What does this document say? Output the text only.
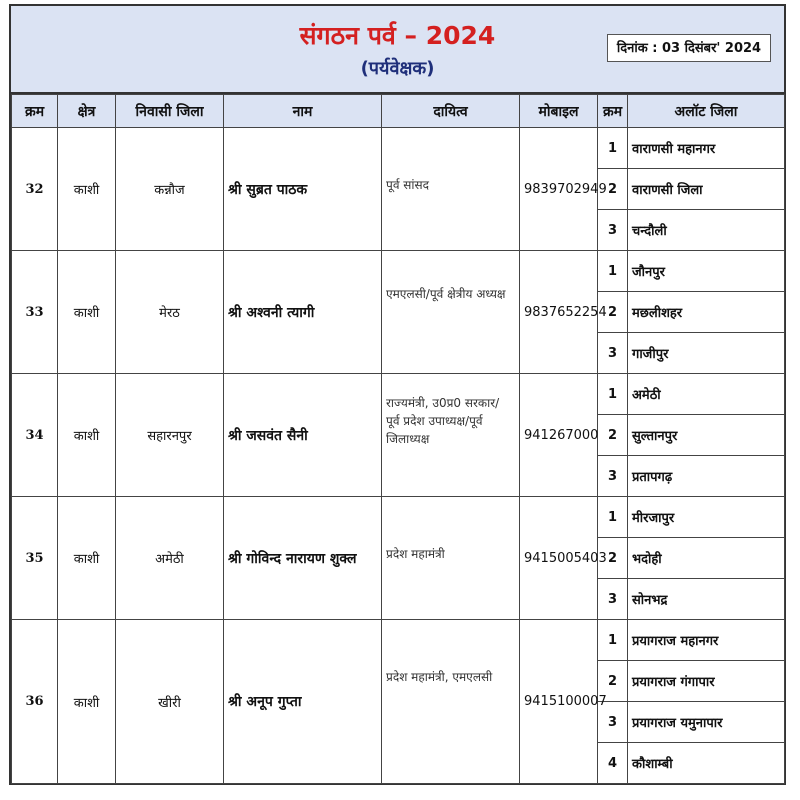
संगठन पर्व – 2024
(पर्यवेक्षक)
दिनांक : 03 दिसंबर' 2024
क्रम	क्षेत्र	निवासी जिला	नाम	दायित्व	मोबाइल	क्रम	अलॉट जिला
32	काशी	कन्नौज	श्री सुब्रत पाठक	पूर्व सांसद	9839702949	1	वाराणसी महानगर
						2	वाराणसी जिला
						3	चन्दौली
33	काशी	मेरठ	श्री अश्वनी त्यागी	एमएलसी/पूर्व क्षेत्रीय अध्यक्ष	9837652254	1	जौनपुर
						2	मछलीशहर
						3	गाजीपुर
34	काशी	सहारनपुर	श्री जसवंत सैनी	राज्यमंत्री, उ0प्र0 सरकार/ पूर्व प्रदेश उपाध्यक्ष/पूर्व जिलाध्यक्ष	941267000	1	अमेठी
						2	सुल्तानपुर
						3	प्रतापगढ़
35	काशी	अमेठी	श्री गोविन्द नारायण शुक्ल	प्रदेश महामंत्री	9415005403	1	मीरजापुर
						2	भदोही
						3	सोनभद्र
36	काशी	खीरी	श्री अनूप गुप्ता	प्रदेश महामंत्री, एमएलसी	9415100007	1	प्रयागराज महानगर
						2	प्रयागराज गंगापार
						3	प्रयागराज यमुनापार
						4	कौशाम्बी
